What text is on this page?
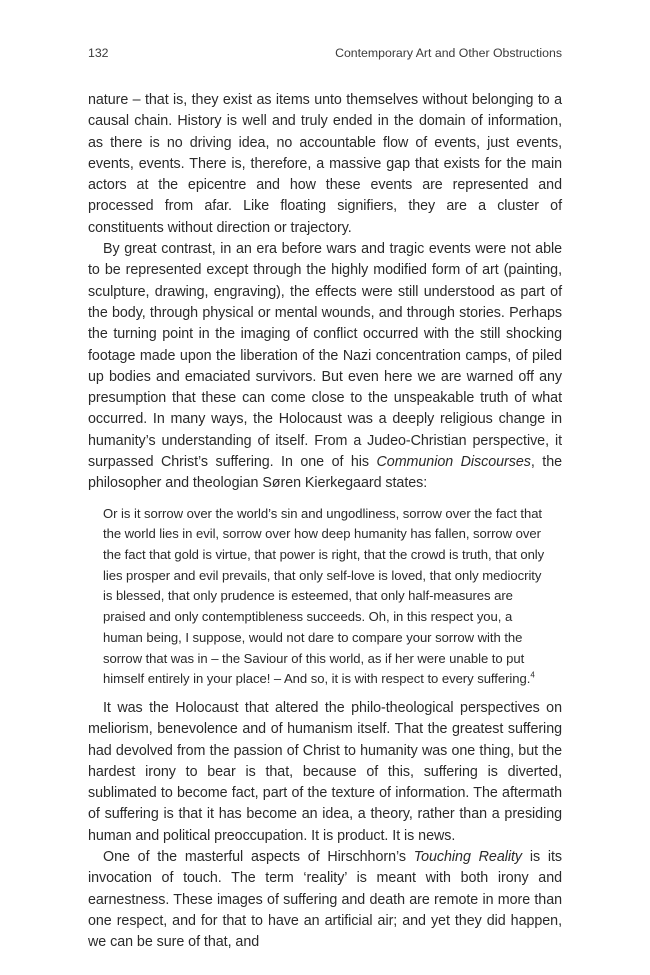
132	Contemporary Art and Other Obstructions

nature – that is, they exist as items unto themselves without belonging to a causal chain. History is well and truly ended in the domain of information, as there is no driving idea, no accountable flow of events, just events, events, events. There is, therefore, a massive gap that exists for the main actors at the epicentre and how these events are represented and processed from afar. Like floating signifiers, they are a cluster of constituents without direction or trajectory.

By great contrast, in an era before wars and tragic events were not able to be represented except through the highly modified form of art (painting, sculpture, drawing, engraving), the effects were still understood as part of the body, through physical or mental wounds, and through stories. Perhaps the turning point in the imaging of conflict occurred with the still shocking footage made upon the liberation of the Nazi concentration camps, of piled up bodies and emaciated survivors. But even here we are warned off any presumption that these can come close to the unspeakable truth of what occurred. In many ways, the Holocaust was a deeply religious change in humanity’s understanding of itself. From a Judeo-Christian perspective, it surpassed Christ’s suffering. In one of his Communion Discourses, the philosopher and theologian Søren Kierkegaard states:

Or is it sorrow over the world’s sin and ungodliness, sorrow over the fact that the world lies in evil, sorrow over how deep humanity has fallen, sorrow over the fact that gold is virtue, that power is right, that the crowd is truth, that only lies prosper and evil prevails, that only self-love is loved, that only mediocrity is blessed, that only prudence is esteemed, that only half-measures are praised and only contemptibleness succeeds. Oh, in this respect you, a human being, I suppose, would not dare to compare your sorrow with the sorrow that was in – the Saviour of this world, as if her were unable to put himself entirely in your place! – And so, it is with respect to every suffering.$^4$

It was the Holocaust that altered the philo-theological perspectives on meliorism, benevolence and of humanism itself. That the greatest suffering had devolved from the passion of Christ to humanity was one thing, but the hardest irony to bear is that, because of this, suffering is diverted, sublimated to become fact, part of the texture of information. The aftermath of suffering is that it has become an idea, a theory, rather than a presiding human and political preoccupation. It is product. It is news.

One of the masterful aspects of Hirschhorn’s Touching Reality is its invocation of touch. The term ‘reality’ is meant with both irony and earnestness. These images of suffering and death are remote in more than one respect, and for that to have an artificial air; and yet they did happen, we can be sure of that, and
